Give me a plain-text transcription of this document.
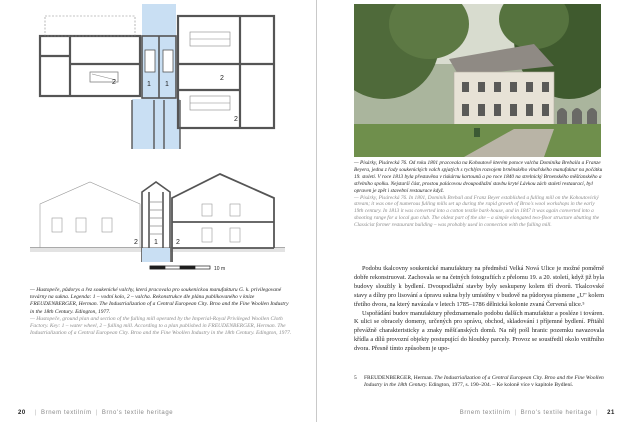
2	1 1
2
2
2 1	2
10 m
— Hustopeče, půdorys a řez soukenické valchy, která pracovala pro soukenickou manufakturu G. k. privilegované továrny na sukna. Legenda: 1 – vodní kolo, 2 – valcha. Rekonstrukce dle plánu publikovaného v knize FREUDENBERGER, Herman. The Industrialization of a Central European City. Brno and the Fine Woollen Industry in the 18th Century. Edington, 1977.
— Hustopeče, ground plan and section of the fulling mill operated by the Imperial-Royal Privileged Woollen Cloth Factory. Key: 1 – water wheel, 2 – fulling mill. According to a plan published in FREUDENBERGER, Herman. The Industrialization of a Central European City. Brno and the Fine Woollen Industry in the 18th Century. Edington, 1977.
20 | Brnem textilním | Brno's textile heritage
— Pisárky, Pisárecká 76. Od roku 1801 pracovala na Kohoutově kterém potoce valcha Dominika Brebaila a Franze Beyera, jedna z řady soukenických valch spjatých s rychlým rozvojem brněnského vlnařského manufaktur na počátku 19. století. V roce 1813 byla přestavěna v tiskárnu kartounů a po roce 1840 na strelnický Brnenského měšťanského a střelního spolku. Nejstarší část, prostou palácovou dvoupodlažní stavbu kryté Lávkou zách staletí restaurací, byl opraven je zpět i stavební restaurace když.
— Pisárky, Pisárecká 76. In 1801, Dominik Brebail and Franz Beyer established a fulling mill on the Kohoutovický stream; it was one of numerous fulling mills set up during the rapid growth of Brno's wool workshops in the early 19th century. In 1813 it was converted into a cotton textile bark-house, and in 1847 it was again converted into a shooting range for a local gun club. The oldest part of the site – a simple elongated two-floor structure abutting the Classicist former restaurant building – was probably used in connection with the fulling mill.

Podobu tkalcovny soukenické manufaktury na předměstí Velká Nová Ulice je možné poměrně dobře rekonstruovat. Zachovala se na četných fotografiích z přelomu 19. a 20. století, když již byla budovy sloužily k bydlení. Dvoupodlažní stavby byly seskupeny kolem tří dvorů. Tkalcovské stavy a dílny pro lisování a úpravu sukna byly umístěny v budově na půdorysu písmene „U" kolem třetího dvora, na který navázala v letech 1785–1786 dělnická kolonie zvaná Červená ulice.⁵

Uspořádání budov manufaktury předznamenalo podobu dalších manufaktur a posléze i továren. K ulici se obracely domeny, určených pro správu, obchod, skladování i příjemné bydlení. Přitáhl převážně charakteristicky a znaky měšťanských domů. Na něj pošl hranic pozemku navazovala křídla a dílů provozní objekty postupující do hloubky parcely. Provoz se soustředil okolo vnitřního dvora. Přesně tímto způsobem je upo-

5	FREUDENBERGER, Herman. The Industrialization of a Central European City. Brno and the Fine Woollen Industry in the 18th Century. Edington, 1977, s. 190–204. – Ke koloně více v kapitole Bydlení.
Brnem textilním | Brno's textile heritage | 21
